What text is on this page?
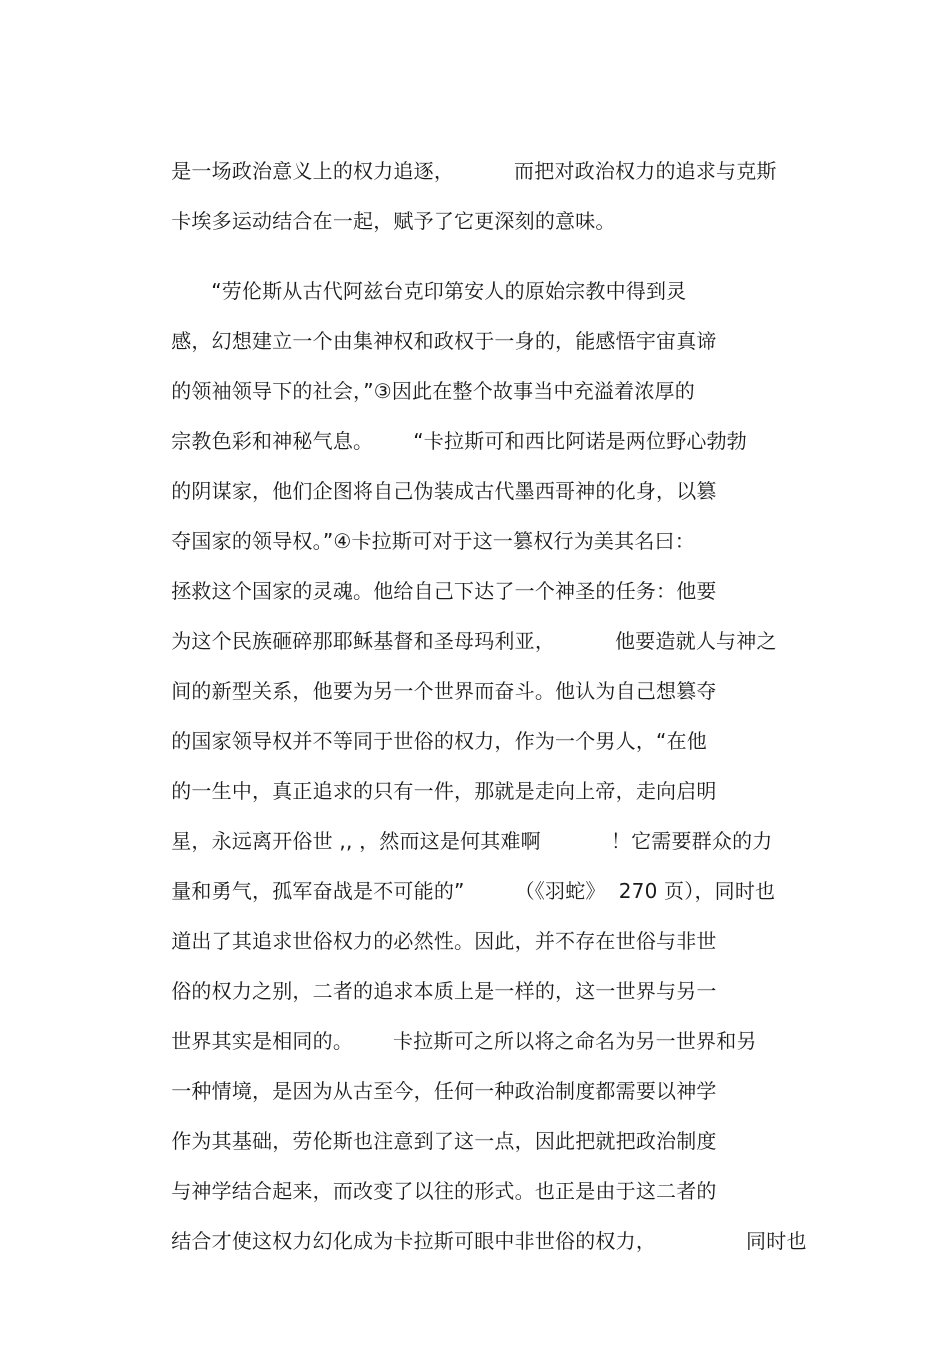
是一场政治意义上的权力追逐，	而把对政治权力的追求与克斯

卡埃多运动结合在一起，赋予了它更深刻的意味。

“劳伦斯从古代阿兹台克印第安人的原始宗教中得到灵

感，幻想建立一个由集神权和政权于一身的，能感悟宇宙真谛

的领袖领导下的社会，”③因此在整个故事当中充溢着浓厚的

宗教色彩和神秘气息。 “卡拉斯可和西比阿诺是两位野心勃勃

的阴谋家，他们企图将自己伪装成古代墨西哥神的化身，以篡

夺国家的领导权。”④卡拉斯可对于这一篡权行为美其名曰：

拯救这个国家的灵魂。他给自己下达了一个神圣的任务：他要

为这个民族砸碎那耶稣基督和圣母玛利亚，	他要造就人与神之

间的新型关系，他要为另一个世界而奋斗。他认为自己想篡夺

的国家领导权并不等同于世俗的权力，作为一个男人，“在他

的一生中，真正追求的只有一件，那就是走向上帝，走向启明

星，永远离开俗世 ,, ，然而这是何其难啊	！它需要群众的力

量和勇气，孤军奋战是不可能的”	（《羽蛇》  270 页），同时也

道出了其追求世俗权力的必然性。因此，并不存在世俗与非世

俗的权力之别，二者的追求本质上是一样的，这一世界与另一

世界其实是相同的。 卡拉斯可之所以将之命名为另一世界和另

一种情境，是因为从古至今，任何一种政治制度都需要以神学

作为其基础，劳伦斯也注意到了这一点，因此把就把政治制度

与神学结合起来，而改变了以往的形式。也正是由于这二者的

结合才使这权力幻化成为卡拉斯可眼中非世俗的权力，	同时也
